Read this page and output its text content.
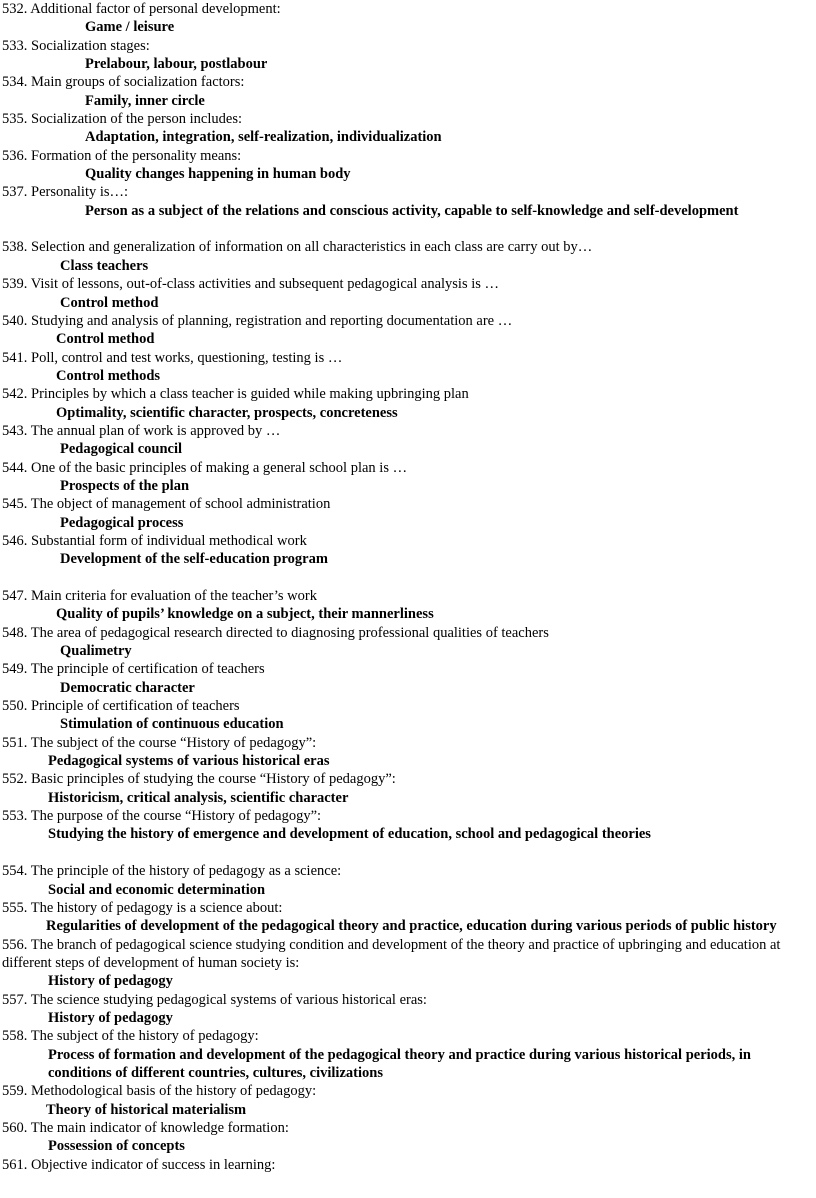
532. Additional factor of personal development:
Game / leisure
533. Socialization stages:
Prelabour, labour, postlabour
534. Main groups of socialization factors:
Family, inner circle
535. Socialization of the person includes:
Adaptation, integration, self-realization, individualization
536. Formation of the personality means:
Quality changes happening in human body
537. Personality is…:
Person as a subject of the relations and conscious activity, capable to self-knowledge and self-development
538. Selection and generalization of information on all characteristics in each class are carry out by…
Class teachers
539. Visit of lessons, out-of-class activities and subsequent pedagogical analysis is …
Control method
540. Studying and analysis of planning, registration and reporting documentation are …
Control method
541. Poll, control and test works, questioning, testing is …
Control methods
542. Principles by which a class teacher is guided while making upbringing plan
Optimality, scientific character, prospects, concreteness
543. The annual plan of work is approved by …
Pedagogical council
544. One of the basic principles of making a general school plan is …
Prospects of the plan
545. The object of management of school administration
Pedagogical process
546. Substantial form of individual methodical work
Development of the self-education program
547. Main criteria for evaluation of the teacher’s work
Quality of pupils’ knowledge on a subject, their mannerliness
548. The area of pedagogical research directed to diagnosing professional qualities of teachers
Qualimetry
549. The principle of certification of teachers
Democratic character
550. Principle of certification of teachers
Stimulation of continuous education
551. The subject of the course “History of pedagogy”:
Pedagogical systems of various historical eras
552. Basic principles of studying the course “History of pedagogy”:
Historicism, critical analysis, scientific character
553. The purpose of the course “History of pedagogy”:
Studying the history of emergence and development of education, school and pedagogical theories
554. The principle of the history of pedagogy as a science:
Social and economic determination
555. The history of pedagogy is a science about:
Regularities of development of the pedagogical theory and practice, education during various periods of public history
556. The branch of pedagogical science studying condition and development of the theory and practice of upbringing and education at different steps of development of human society is:
History of pedagogy
557. The science studying pedagogical systems of various historical eras:
History of pedagogy
558. The subject of the history of pedagogy:
Process of formation and development of the pedagogical theory and practice during various historical periods, in conditions of different countries, cultures, civilizations
559. Methodological basis of the history of pedagogy:
Theory of historical materialism
560. The main indicator of knowledge formation:
Possession of concepts
561. Objective indicator of success in learning:
